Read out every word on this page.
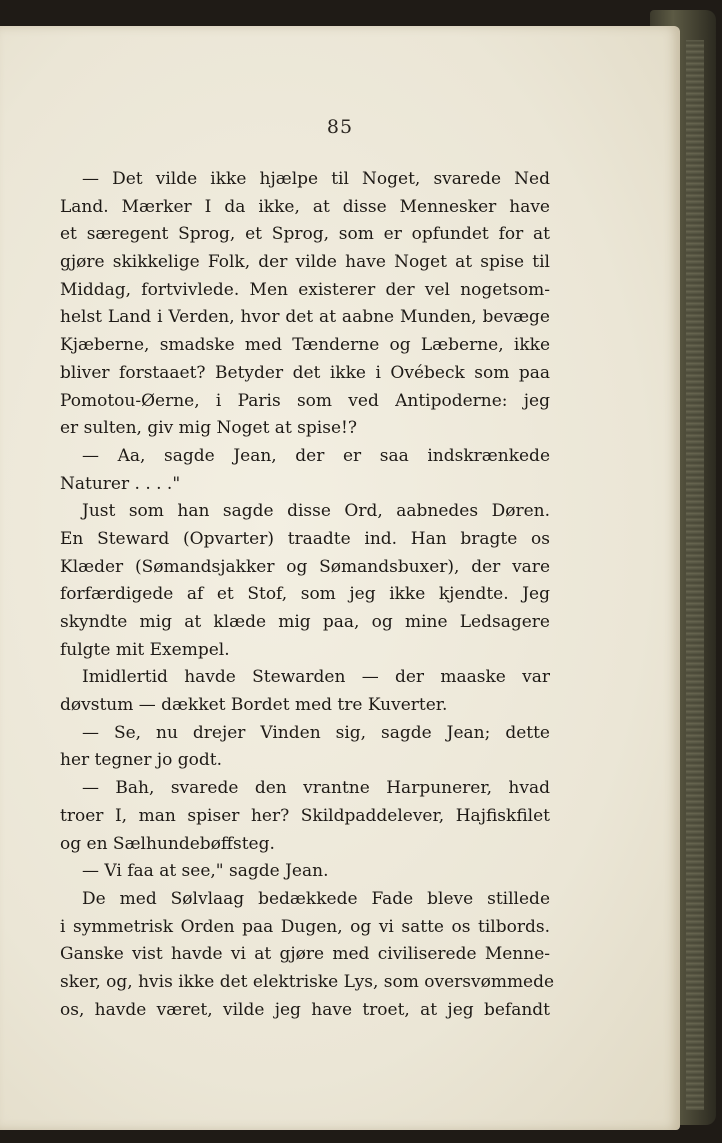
85
— Det vilde ikke hjælpe til Noget, svarede Ned
Land. Mærker I da ikke, at disse Mennesker have
et særegent Sprog, et Sprog, som er opfundet for at
gjøre skikkelige Folk, der vilde have Noget at spise til
Middag, fortvivlede. Men existerer der vel nogetsom-
helst Land i Verden, hvor det at aabne Munden, bevæge
Kjæberne, smadske med Tænderne og Læberne, ikke
bliver forstaaet? Betyder det ikke i Ovébeck som paa
Pomotou-Øerne, i Paris som ved Antipoderne: jeg
er sulten, giv mig Noget at spise!?
— Aa, sagde Jean, der er saa indskrænkede
Naturer . . . ."
Just som han sagde disse Ord, aabnedes Døren.
En Steward (Opvarter) traadte ind. Han bragte os
Klæder (Sømandsjakker og Sømandsbuxer), der vare
forfærdigede af et Stof, som jeg ikke kjendte. Jeg
skyndte mig at klæde mig paa, og mine Ledsagere
fulgte mit Exempel.
Imidlertid havde Stewarden — der maaske var
døvstum — dækket Bordet med tre Kuverter.
— Se, nu drejer Vinden sig, sagde Jean; dette
her tegner jo godt.
— Bah, svarede den vrantne Harpunerer, hvad
troer I, man spiser her? Skildpaddelever, Hajfiskfilet
og en Sælhundebøffsteg.
— Vi faa at see," sagde Jean.
De med Sølvlaag bedækkede Fade bleve stillede
i symmetrisk Orden paa Dugen, og vi satte os tilbords.
Ganske vist havde vi at gjøre med civiliserede Menne-
sker, og, hvis ikke det elektriske Lys, som oversvømmede
os, havde været, vilde jeg have troet, at jeg befandt
